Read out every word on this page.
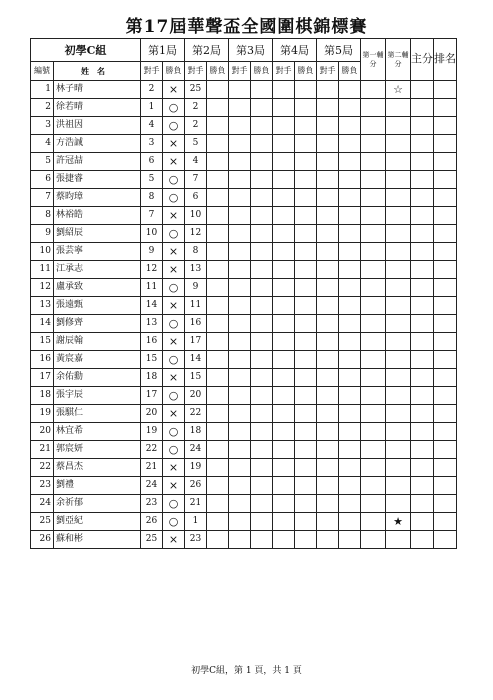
第17屆華聲盃全國圍棋錦標賽
初學C組		第1局		第2局		第3局		第4局		第5局		第一輔分	第二輔分	主分	排名
編號	姓名	對手	勝負	對手	勝負	對手	勝負	對手	勝負	對手	勝負				
1	林子晴	2	×	25									☆		
2	徐若晴	1	○	2											
3	洪祖因	4	○	2											
4	方浩誠	3	×	5											
5	許冠喆	6	×	4											
6	張捷睿	5	○	7											
7	蔡昀璋	8	○	6											
8	林裕皓	7	×	10											
9	劉紹辰	10	○	12											
10	張芸寧	9	×	8											
11	江承志	12	×	13											
12	盧承致	11	○	9											
13	張遠甄	14	×	11											
14	劉修齊	13	○	16											
15	謝辰翰	16	×	17											
16	黃宸嘉	15	○	14											
17	余佑勳	18	×	15											
18	張宇辰	17	○	20											
19	張騏仁	20	×	22											
20	林宜希	19	○	18											
21	郭宸妍	22	○	24											
22	蔡昌杰	21	×	19											
23	劉禮	24	×	26											
24	余祈郁	23	○	21											
25	劉亞紀	26	○	1									★		
26	蘇和彬	25	×	23											
初學C組，第 1 頁，共 1 頁
